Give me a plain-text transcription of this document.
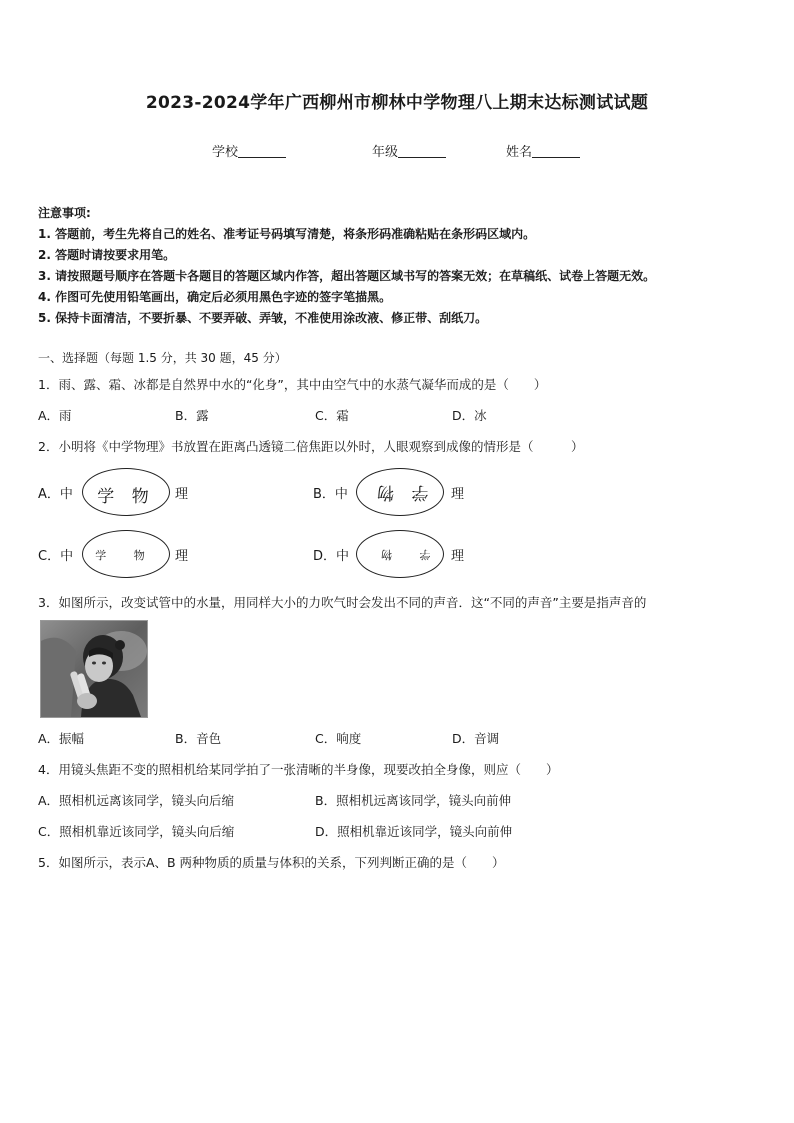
2023-2024学年广西柳州市柳林中学物理八上期末达标测试试题
学校	年级	姓名
注意事项:
1. 答题前，考生先将自己的姓名、准考证号码填写清楚，将条形码准确粘贴在条形码区域内。
2. 答题时请按要求用笔。
3. 请按照题号顺序在答题卡各题目的答题区域内作答，超出答题区域书写的答案无效；在草稿纸、试卷上答题无效。
4. 作图可先使用铅笔画出，确定后必须用黑色字迹的签字笔描黑。
5. 保持卡面清洁，不要折暴、不要弄破、弄皱，不准使用涂改液、修正带、刮纸刀。
一、选择题（每题 1.5 分，共 30 题，45 分）
1．雨、露、霜、冰都是自然界中水的“化身”，其中由空气中的水蒸气凝华而成的是（　　）
A．雨	B．露	C．霜	D．冰
2．小明将《中学物理》书放置在距离凸透镜二倍焦距以外时，人眼观察到成像的情形是（　　　）
A．中	学 物	理	B．中	学 物	理
C．中	学 物	理	D．中	学 物	理
3．如图所示，改变试管中的水量，用同样大小的力吹气时会发出不同的声音．这“不同的声音”主要是指声音的
A．振幅	B．音色	C．响度	D．音调
4．用镜头焦距不变的照相机给某同学拍了一张清晰的半身像，现要改拍全身像，则应（　　）
A．照相机远离该同学，镜头向后缩	B．照相机远离该同学，镜头向前伸
C．照相机靠近该同学，镜头向后缩	D．照相机靠近该同学，镜头向前伸
5．如图所示，表示A、B 两种物质的质量与体积的关系，下列判断正确的是（　　）
